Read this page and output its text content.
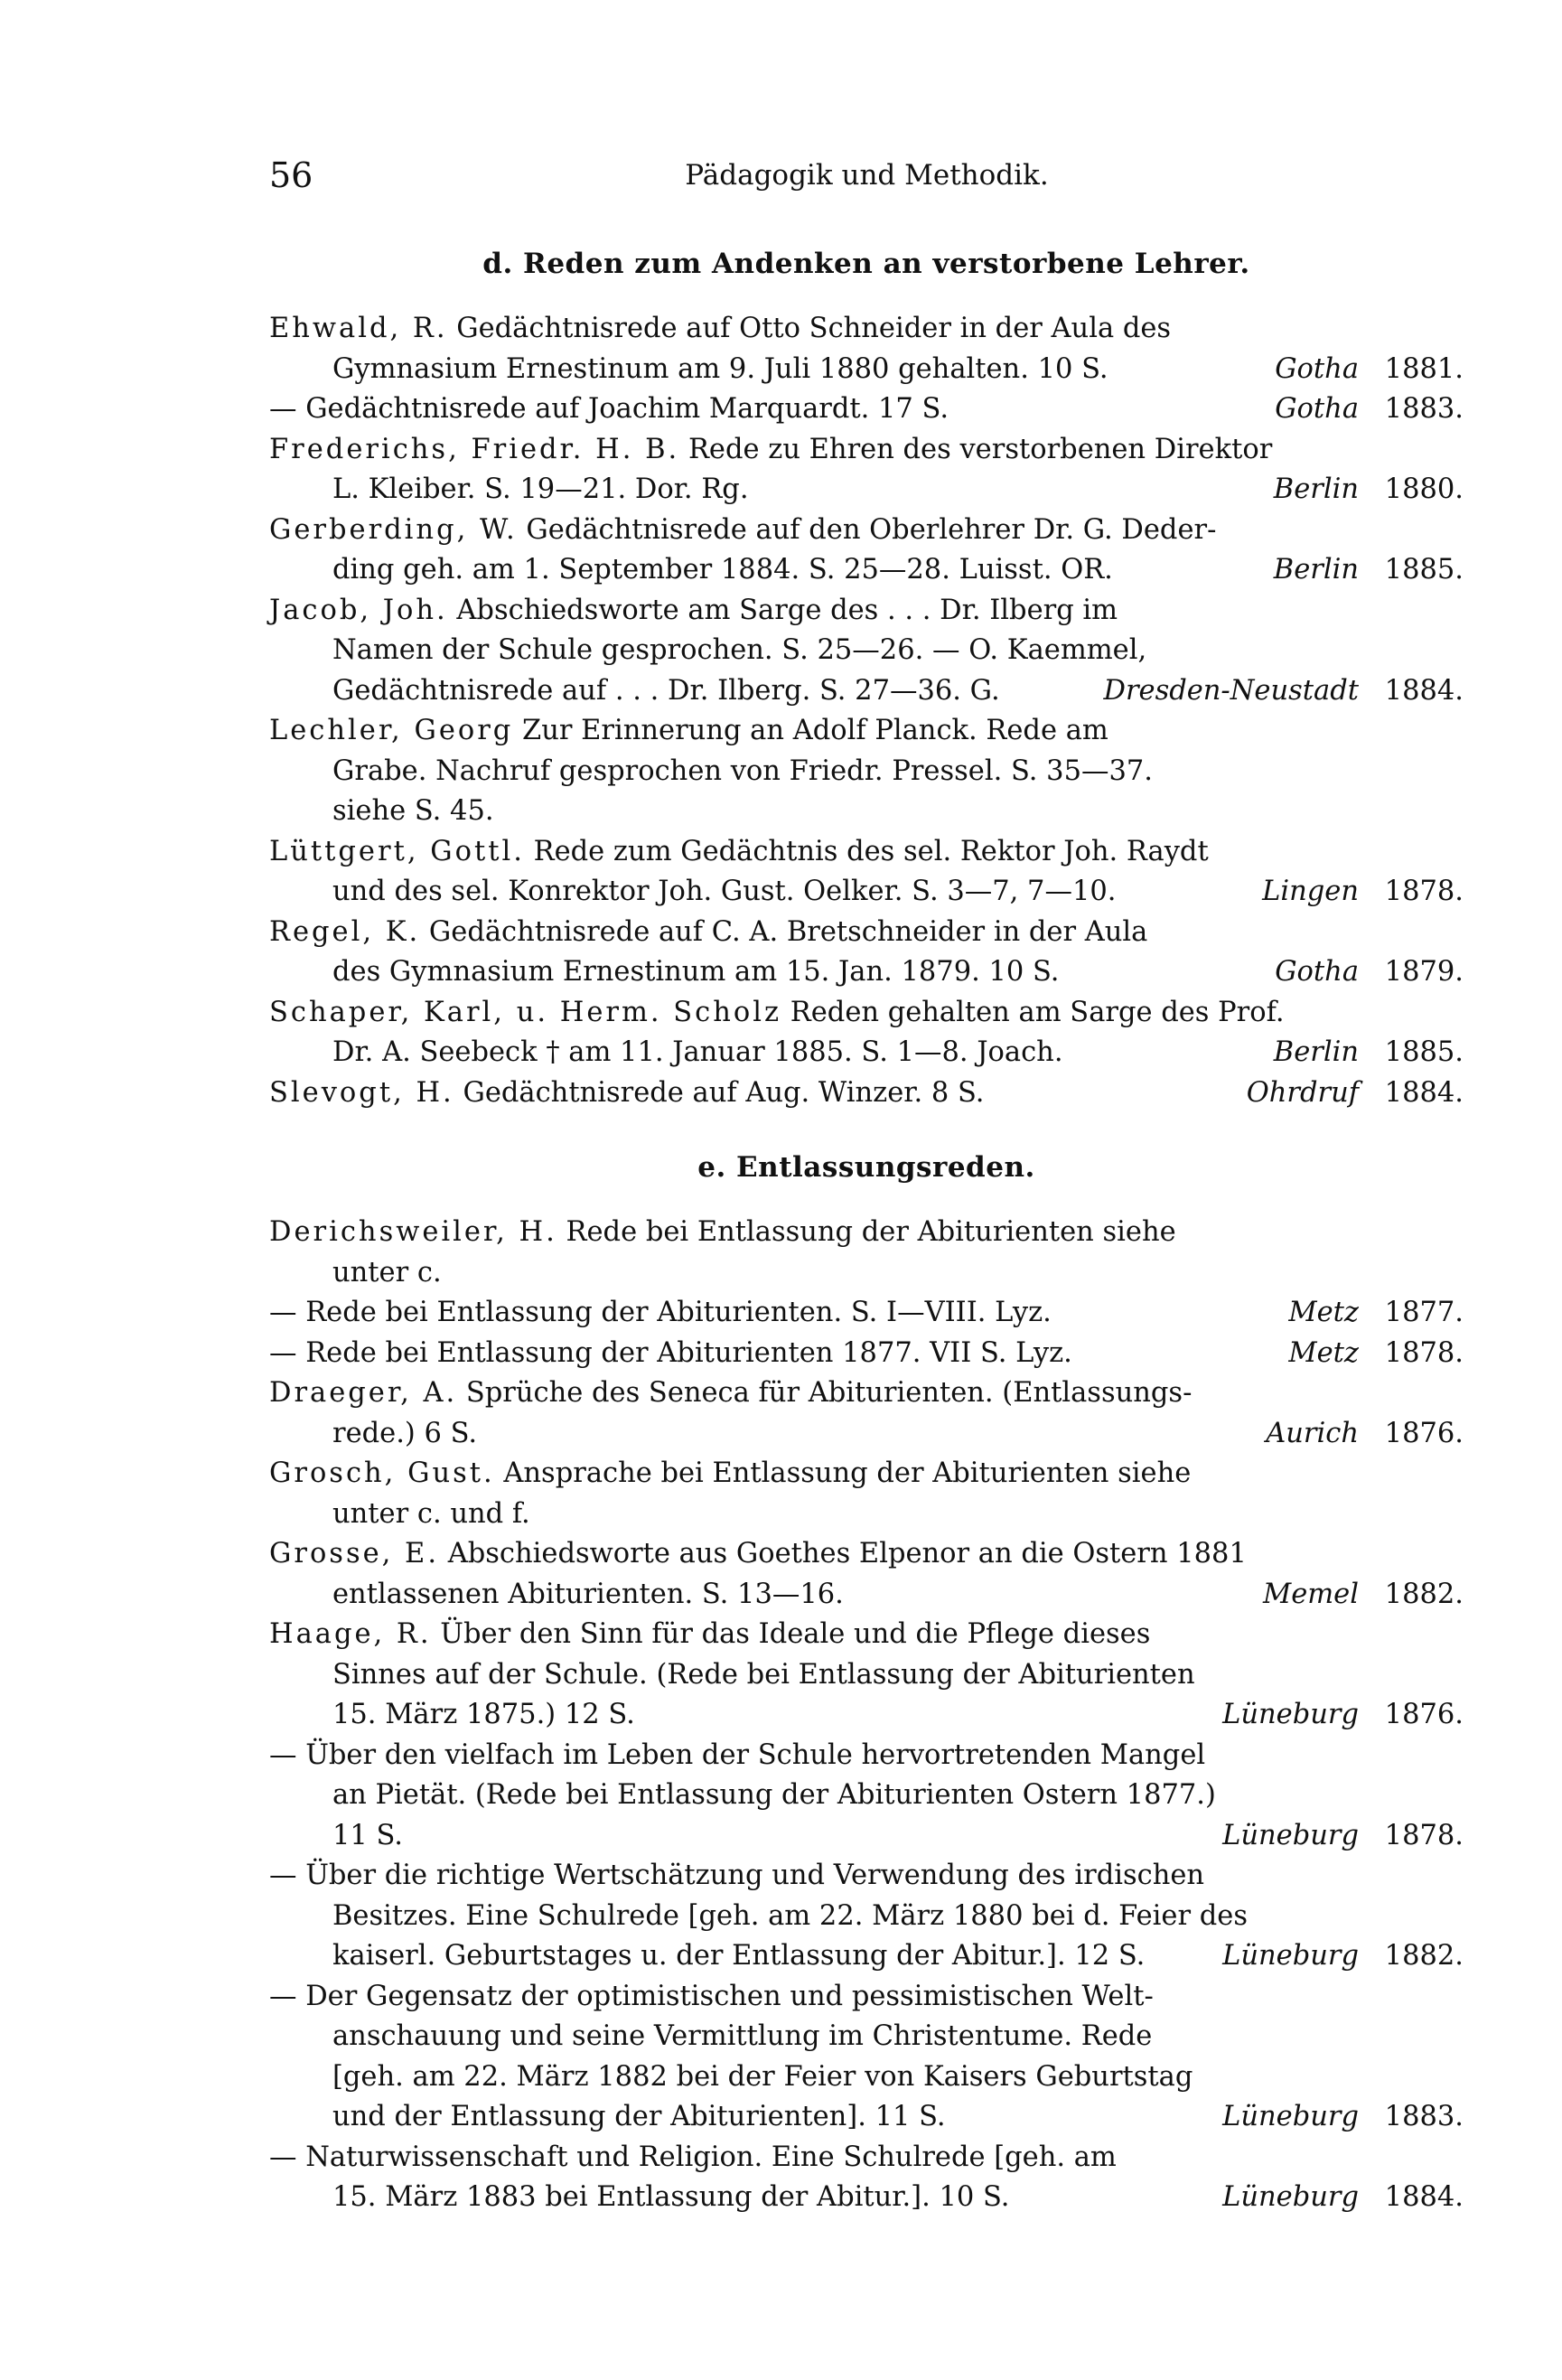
56	Pädagogik und Methodik.
d. Reden zum Andenken an verstorbene Lehrer.
Ehwald, R.
Gedächtnisrede auf Otto Schneider in der Aula des
Gymnasium Ernestinum am 9. Juli 1880 gehalten. 10 S.	Gotha 1881.
— Gedächtnisrede auf Joachim Marquardt. 17 S.	Gotha 1883.
Frederichs, Friedr. H. B.
Rede zu Ehren des verstorbenen Direktor
L. Kleiber. S. 19—21. Dor. Rg.	Berlin 1880.
Gerberding, W.
Gedächtnisrede auf den Oberlehrer Dr. G. Deder-
ding geh. am 1. September 1884. S. 25—28. Luisst. OR.	Berlin 1885.
Jacob, Joh.
Abschiedsworte am Sarge des . . . Dr. Ilberg im
Namen der Schule gesprochen. S. 25—26. — O. Kaemmel,
Gedächtnisrede auf . . . Dr. Ilberg. S. 27—36. G.	Dresden-Neustadt 1884.
Lechler, Georg
Zur Erinnerung an Adolf Planck. Rede am
Grabe. Nachruf gesprochen von Friedr. Pressel. S. 35—37.
siehe S. 45.
Lüttgert, Gottl.
Rede zum Gedächtnis des sel. Rektor Joh. Raydt
und des sel. Konrektor Joh. Gust. Oelker. S. 3—7, 7—10.	Lingen 1878.
Regel, K.
Gedächtnisrede auf C. A. Bretschneider in der Aula
des Gymnasium Ernestinum am 15. Jan. 1879. 10 S.	Gotha 1879.
Schaper, Karl, u. Herm. Scholz
Reden gehalten am Sarge des Prof.
Dr. A. Seebeck † am 11. Januar 1885. S. 1—8. Joach.	Berlin 1885.
Slevogt, H.
Gedächtnisrede auf Aug. Winzer. 8 S.	Ohrdruf 1884.
e. Entlassungsreden.
Derichsweiler, H.
Rede bei Entlassung der Abiturienten siehe
unter c.
— Rede bei Entlassung der Abiturienten. S. I—VIII. Lyz.	Metz 1877.
— Rede bei Entlassung der Abiturienten 1877. VII S. Lyz.	Metz 1878.
Draeger, A.
Sprüche des Seneca für Abiturienten. (Entlassungs-
rede.) 6 S.	Aurich 1876.
Grosch, Gust.
Ansprache bei Entlassung der Abiturienten siehe
unter c. und f.
Grosse, E.
Abschiedsworte aus Goethes Elpenor an die Ostern 1881
entlassenen Abiturienten. S. 13—16.	Memel 1882.
Haage, R.
Über den Sinn für das Ideale und die Pflege dieses
Sinnes auf der Schule. (Rede bei Entlassung der Abiturienten
15. März 1875.) 12 S.	Lüneburg 1876.
— Über den vielfach im Leben der Schule hervortretenden Mangel
an Pietät. (Rede bei Entlassung der Abiturienten Ostern 1877.)
11 S.	Lüneburg 1878.
— Über die richtige Wertschätzung und Verwendung des irdischen
Besitzes. Eine Schulrede [geh. am 22. März 1880 bei d. Feier des
kaiserl. Geburtstages u. der Entlassung der Abitur.]. 12 S.	Lüneburg 1882.
— Der Gegensatz der optimistischen und pessimistischen Welt-
anschauung und seine Vermittlung im Christentume. Rede
[geh. am 22. März 1882 bei der Feier von Kaisers Geburtstag
und der Entlassung der Abiturienten]. 11 S.	Lüneburg 1883.
— Naturwissenschaft und Religion. Eine Schulrede [geh. am
15. März 1883 bei Entlassung der Abitur.]. 10 S.	Lüneburg 1884.
